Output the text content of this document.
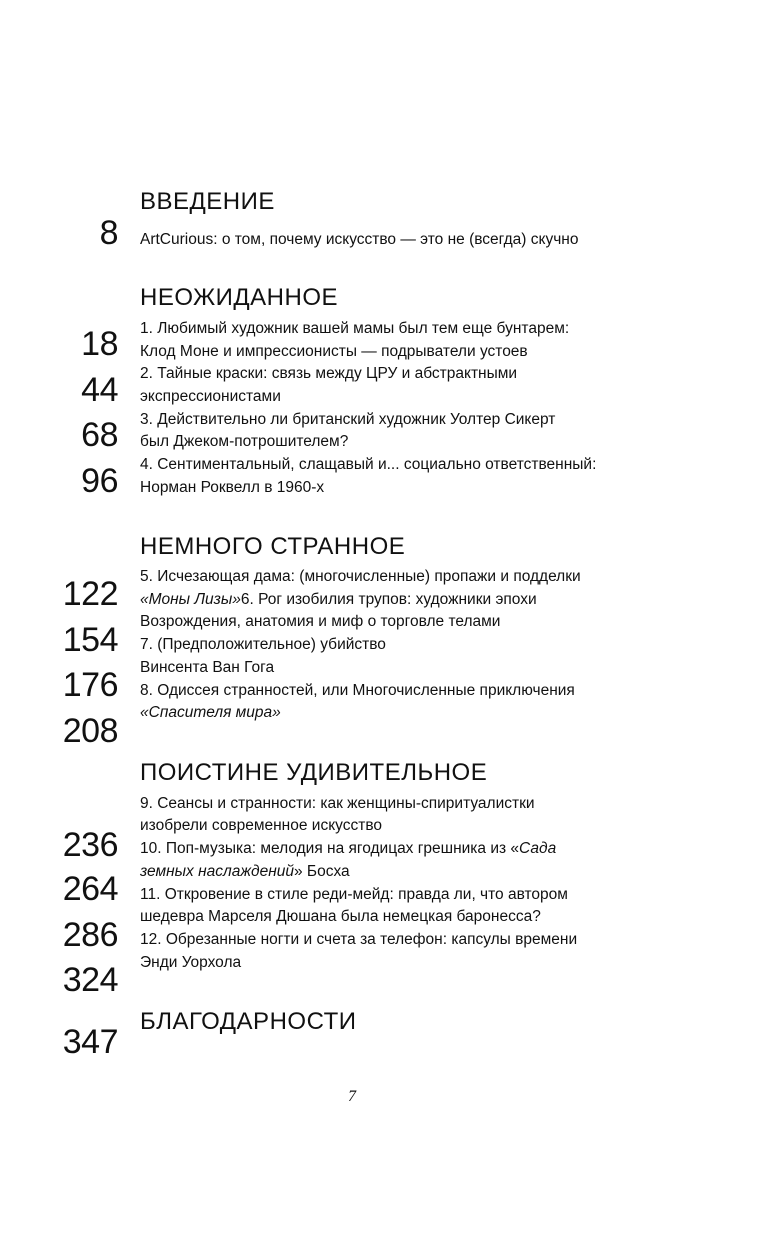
ВВЕДЕНИЕ
8 ArtCurious: о том, почему искусство — это не (всегда) скучно
НЕОЖИДАННОЕ
18
44
68
96
1. Любимый художник вашей мамы был тем еще бунтарем:
Клод Моне и импрессионисты — подрыватели устоев
2. Тайные краски: связь между ЦРУ и абстрактными
экспрессионистами
3. Действительно ли британский художник Уолтер Сикерт
был Джеком-потрошителем?
4. Сентиментальный, слащавый и... социально ответственный:
Норман Роквелл в 1960-х
НЕМНОГО СТРАННОЕ
122
154
176
208
5. Исчезающая дама: (многочисленные) пропажи и подделки
«Моны Лизы»6. Рог изобилия трупов: художники эпохи
Возрождения, анатомия и миф о торговле телами
7. (Предположительное) убийство
Винсента Ван Гога
8. Одиссея странностей, или Многочисленные приключения
«Спасителя мира»
ПОИСТИНЕ УДИВИТЕЛЬНОЕ
236
264
286
324
9. Сеансы и странности: как женщины-спиритуалистки
изобрели современное искусство
10. Поп-музыка: мелодия на ягодицах грешника из «Сада
земных наслаждений» Босха
11. Откровение в стиле реди-мейд: правда ли, что автором
шедевра Марселя Дюшана была немецкая баронесса?
12. Обрезанные ногти и счета за телефон: капсулы времени
Энди Уорхола
БЛАГОДАРНОСТИ
347
7
